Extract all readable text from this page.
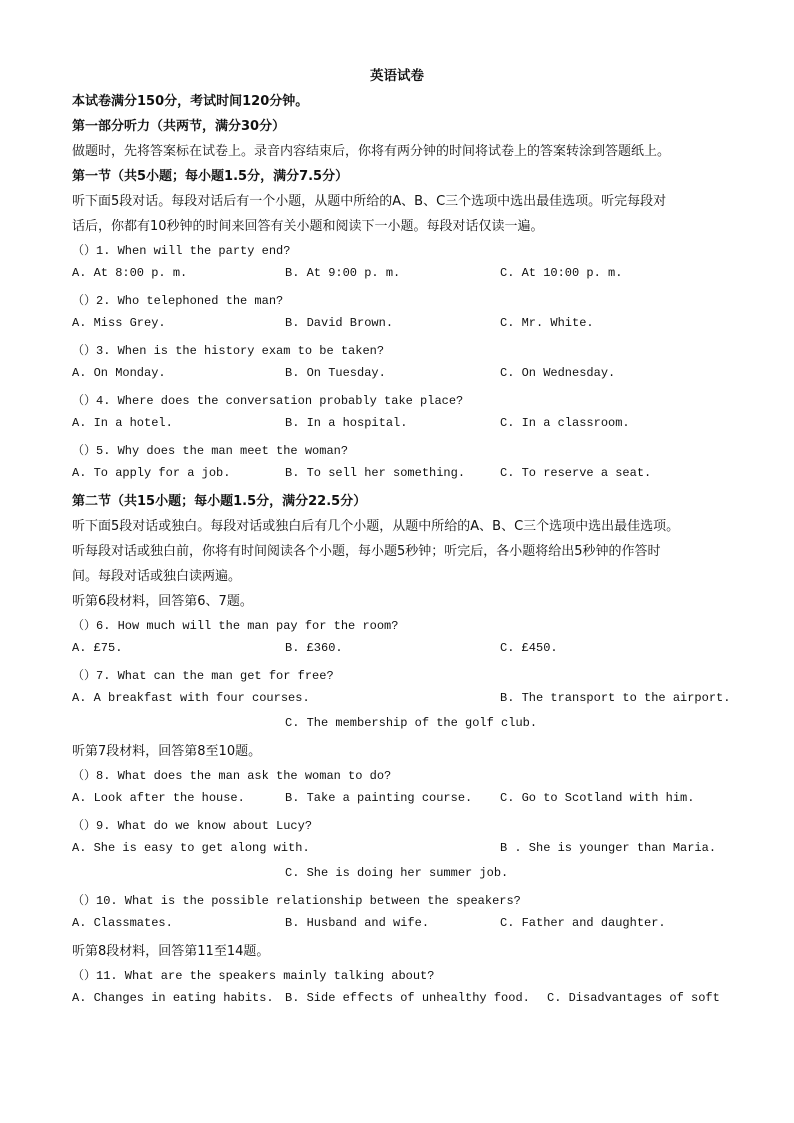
英语试卷
本试卷满分150分，考试时间120分钟。
第一部分听力（共两节，满分30分）
做题时，先将答案标在试卷上。录音内容结束后，你将有两分钟的时间将试卷上的答案转涂到答题纸上。
第一节（共5小题；每小题1.5分，满分7.5分）
听下面5段对话。每段对话后有一个小题，从题中所给的A、B、C三个选项中选出最佳选项。听完每段对
话后，你都有10秒钟的时间来回答有关小题和阅读下一小题。每段对话仅读一遍。
（）1. When will the party end?
A. At 8:00 p. m.	B. At 9:00 p. m.	C. At 10:00 p. m.
（）2. Who telephoned the man?
A. Miss Grey.	B. David Brown.	C. Mr. White.
（）3. When is the history exam to be taken?
A. On Monday.	B. On Tuesday.	C. On Wednesday.
（）4. Where does the conversation probably take place?
A. In a hotel.	B. In a hospital.	C. In a classroom.
（）5. Why does the man meet the woman?
A. To apply for a job.	B. To sell her something.	C. To reserve a seat.
第二节（共15小题；每小题1.5分，满分22.5分）
听下面5段对话或独白。每段对话或独白后有几个小题，从题中所给的A、B、C三个选项中选出最佳选项。
听每段对话或独白前，你将有时间阅读各个小题，每小题5秒钟；听完后，各小题将给出5秒钟的作答时
间。每段对话或独白读两遍。
听第6段材料，回答第6、7题。
（）6. How much will the man pay for the room?
A. £75.	B. £360.	C. £450.
（）7. What can the man get for free?
A. A breakfast with four courses.	B. The transport to the airport.
C. The membership of the golf club.
听第7段材料，回答第8至10题。
（）8. What does the man ask the woman to do?
A. Look after the house.	B. Take a painting course. C. Go to Scotland with him.
（）9. What do we know about Lucy?
A. She is easy to get along with.	B . She is younger than Maria.
C. She is doing her summer job.
（）10. What is the possible relationship between the speakers?
A. Classmates.	B. Husband and wife.	C. Father and daughter.
听第8段材料，回答第11至14题。
（）11. What are the speakers mainly talking about?
A. Changes in eating habits. B. Side effects of unhealthy food. C. Disadvantages of soft
